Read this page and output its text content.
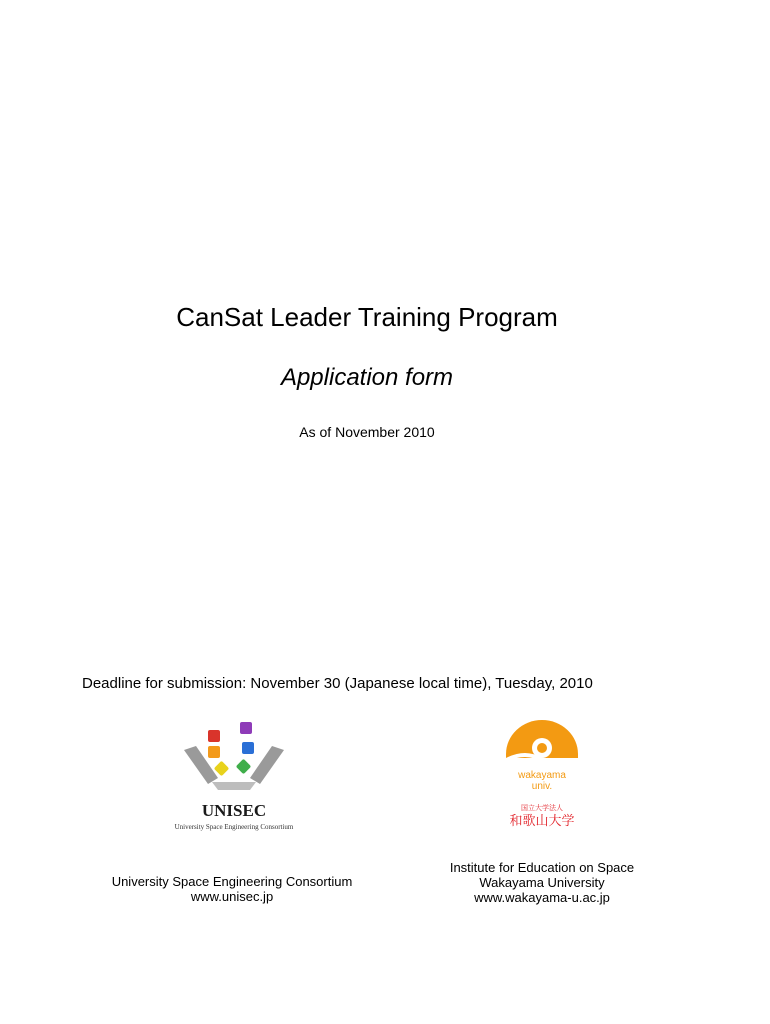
CanSat Leader Training Program
Application form
As of November 2010
Deadline for submission: November 30 (Japanese local time), Tuesday, 2010
UNISEC
University Space Engineering Consortium
wakayama
univ.
国立大学法人
和歌山大学
University Space Engineering Consortium
www.unisec.jp
Institute for Education on Space
Wakayama University
www.wakayama-u.ac.jp
